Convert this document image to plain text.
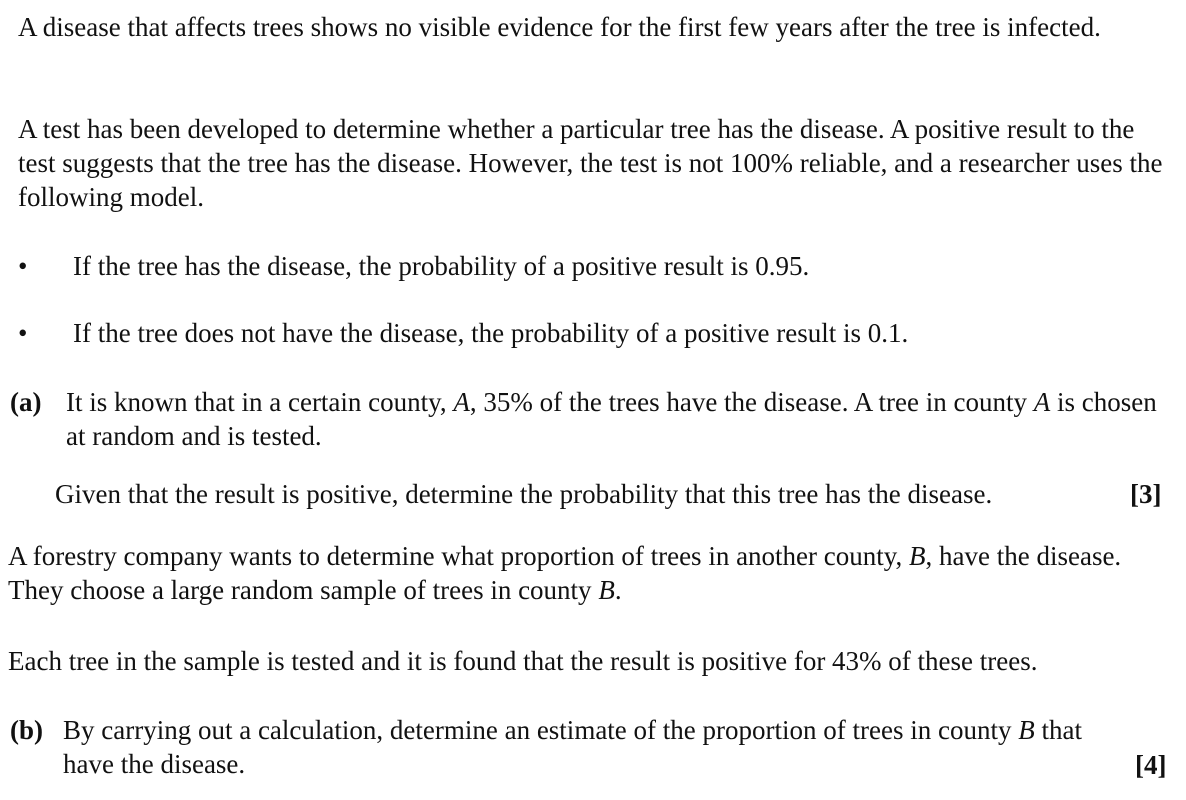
A disease that affects trees shows no visible evidence for the first few years after the tree is infected.

A test has been developed to determine whether a particular tree has the disease. A positive result to the test suggests that the tree has the disease. However, the test is not 100% reliable, and a researcher uses the following model.

•	If the tree has the disease, the probability of a positive result is 0.95.
•	If the tree does not have the disease, the probability of a positive result is 0.1.
(a) It is known that in a certain county, A, 35% of the trees have the disease. A tree in county A is chosen at random and is tested.
Given that the result is positive, determine the probability that this tree has the disease.	[3]

A forestry company wants to determine what proportion of trees in another county, B, have the disease. They choose a large random sample of trees in county B.

Each tree in the sample is tested and it is found that the result is positive for 43% of these trees.

(b) By carrying out a calculation, determine an estimate of the proportion of trees in county B that have the disease.	[4]
